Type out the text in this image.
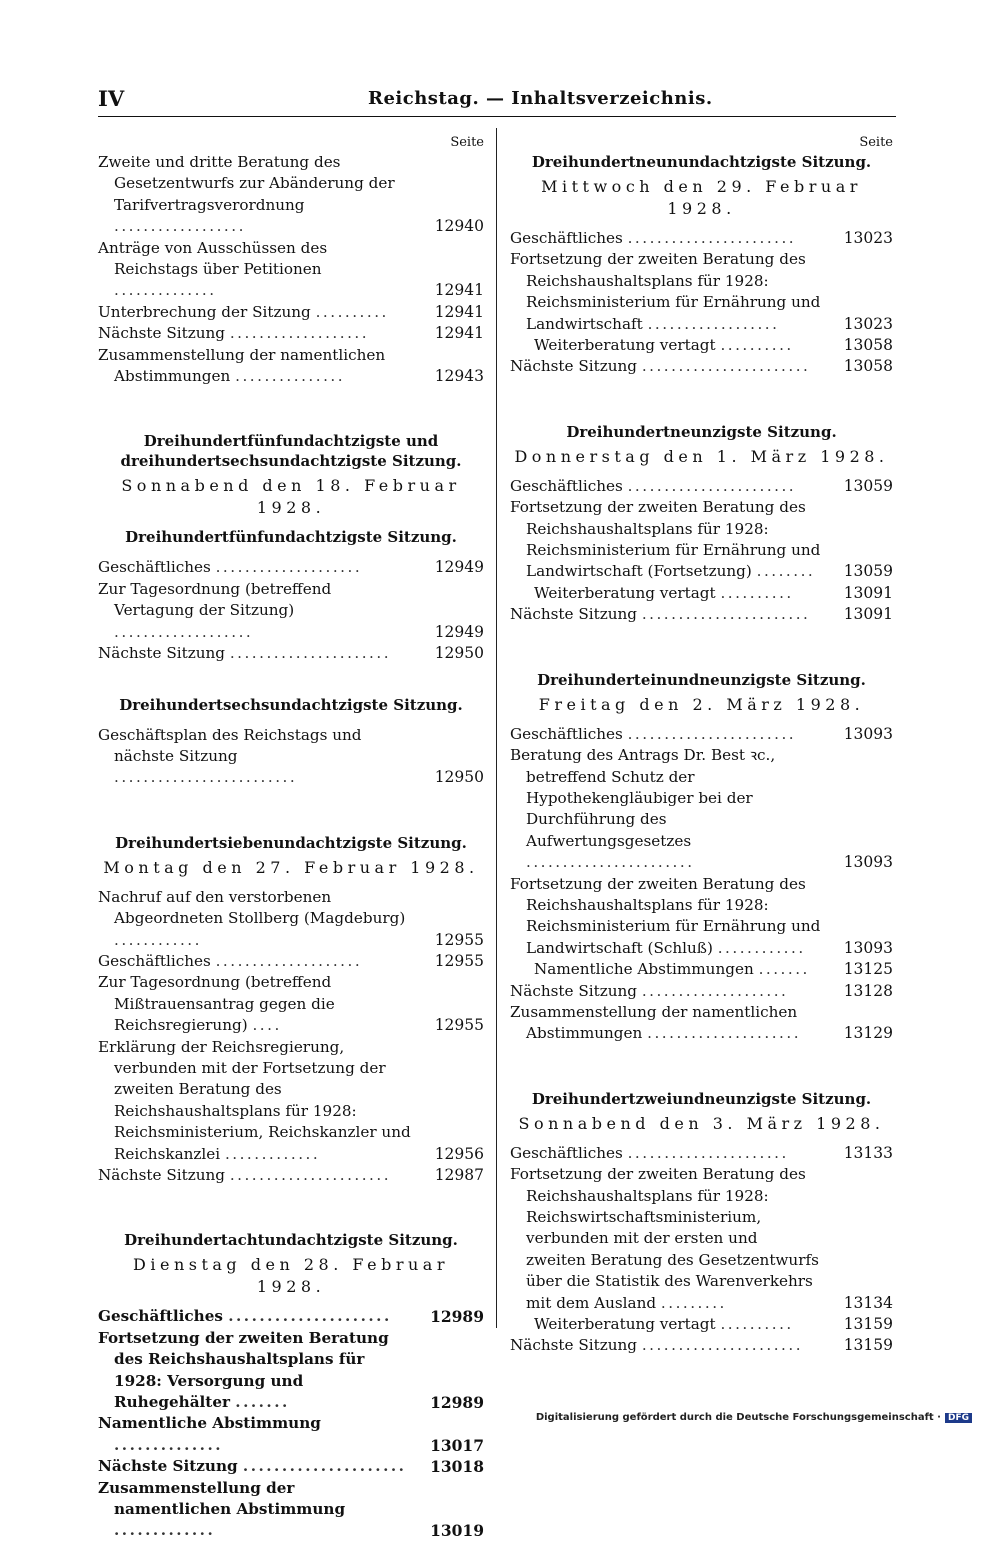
IV	Reichstag. — Inhaltsverzeichnis.
Seite
Zweite und dritte Beratung des Gesetzentwurfs zur Abänderung der Tarifvertragsverordnung ..................	12940
Anträge von Ausschüssen des Reichstags über Petitionen ..............	12941
Unterbrechung der Sitzung ..........	12941
Nächste Sitzung ...................	12941
Zusammenstellung der namentlichen Abstimmungen ...............	12943
Dreihundertfünfundachtzigste und dreihundertsechsundachtzigste Sitzung.
Sonnabend den 18. Februar 1928.
Dreihundertfünfundachtzigste Sitzung.
Geschäftliches ....................	12949
Zur Tagesordnung (betreffend Vertagung der Sitzung) ...................	12949
Nächste Sitzung ......................	12950
Dreihundertsechsundachtzigste Sitzung.
Geschäftsplan des Reichstags und nächste Sitzung .........................	12950
Dreihundertsiebenundachtzigste Sitzung.
Montag den 27. Februar 1928.
Nachruf auf den verstorbenen Abgeordneten Stollberg (Magdeburg) ............	12955
Geschäftliches ....................	12955
Zur Tagesordnung (betreffend Mißtrauensantrag gegen die Reichsregierung) ....	12955
Erklärung der Reichsregierung, verbunden mit der Fortsetzung der zweiten Beratung des Reichshaushaltsplans für 1928: Reichsministerium, Reichskanzler und Reichskanzlei .............	12956
Nächste Sitzung ......................	12987
Dreihundertachtundachtzigste Sitzung.
Dienstag den 28. Februar 1928.
Geschäftliches ..................... 12989
Fortsetzung der zweiten Beratung des Reichshaushaltsplans für 1928: Versorgung und Ruhegehälter .......	12989
Namentliche Abstimmung ..............	13017
Nächste Sitzung ..................... 13018
Zusammenstellung der namentlichen Abstimmung .............	13019
Seite
Dreihundertneunundachtzigste Sitzung.
Mittwoch den 29. Februar 1928.
Geschäftliches .......................	13023
Fortsetzung der zweiten Beratung des Reichshaushaltsplans für 1928: Reichsministerium für Ernährung und Landwirtschaft ..................	13023
Weiterberatung vertagt ..........	13058
Nächste Sitzung ....................... 13058
Dreihundertneunzigste Sitzung.
Donnerstag den 1. März 1928.
Geschäftliches .......................	13059
Fortsetzung der zweiten Beratung des Reichshaushaltsplans für 1928: Reichsministerium für Ernährung und Landwirtschaft (Fortsetzung) ........ 13059
Weiterberatung vertagt ..........	13091
Nächste Sitzung ....................... 13091
Dreihunderteinundneunzigste Sitzung.
Freitag den 2. März 1928.
Geschäftliches .......................	13093
Beratung des Antrags Dr. Best ꝛc., betreffend Schutz der Hypothekengläubiger bei der Durchführung des Aufwertungsgesetzes .......................	13093
Fortsetzung der zweiten Beratung des Reichshaushaltsplans für 1928: Reichsministerium für Ernährung und Landwirtschaft (Schluß) ............ 13093
Namentliche Abstimmungen ....... 13125
Nächste Sitzung ....................	13128
Zusammenstellung der namentlichen Abstimmungen .....................	13129
Dreihundertzweiundneunzigste Sitzung.
Sonnabend den 3. März 1928.
Geschäftliches ......................	13133
Fortsetzung der zweiten Beratung des Reichshaushaltsplans für 1928: Reichswirtschaftsministerium, verbunden mit der ersten und zweiten Beratung des Gesetzentwurfs über die Statistik des Warenverkehrs mit dem Ausland .........	13134
Weiterberatung vertagt ..........	13159
Nächste Sitzung ......................	13159
Digitalisierung gefördert durch die Deutsche Forschungsgemeinschaft · DFG
